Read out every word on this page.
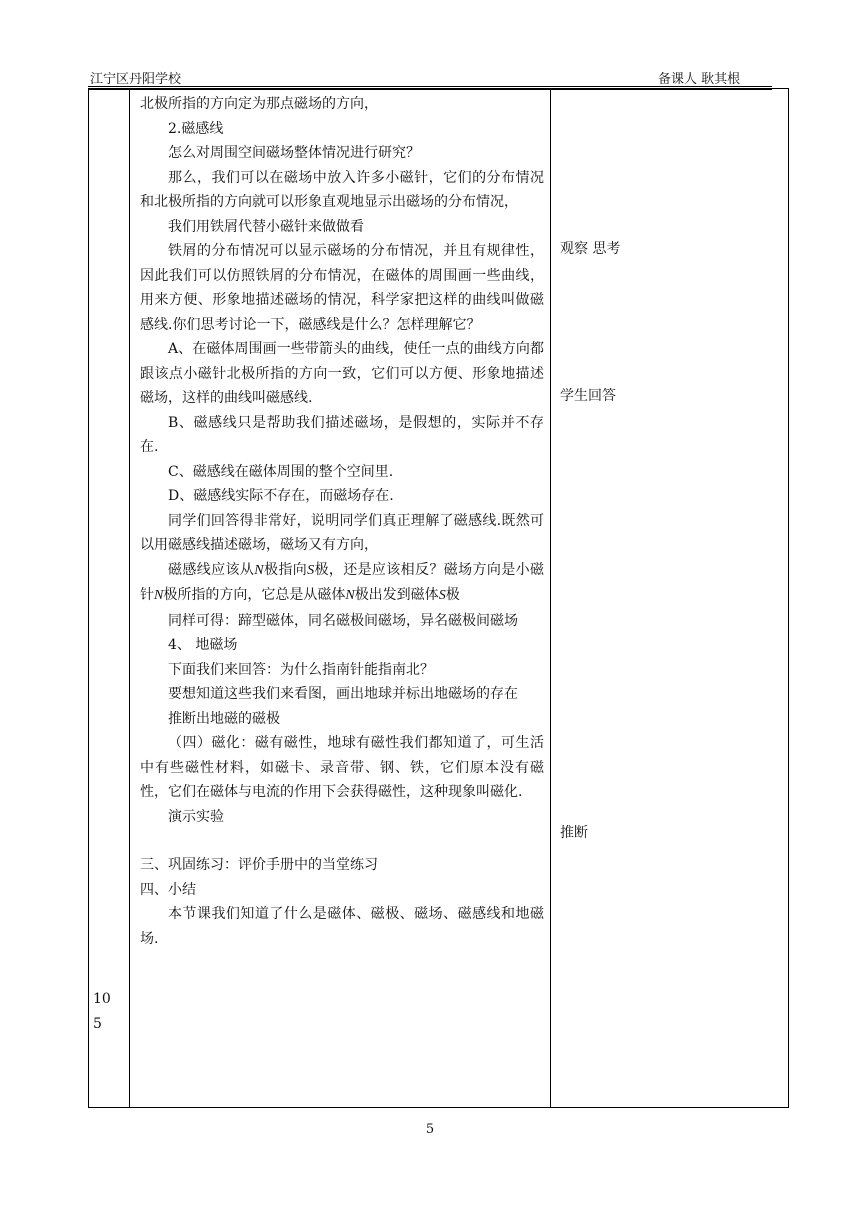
江宁区丹阳学校	备课人 耿其根
10
5

北极所指的方向定为那点磁场的方向，

2.磁感线

怎么对周围空间磁场整体情况进行研究？

那么，我们可以在磁场中放入许多小磁针，它们的分布情况和北极所指的方向就可以形象直观地显示出磁场的分布情况，

我们用铁屑代替小磁针来做做看

铁屑的分布情况可以显示磁场的分布情况，并且有规律性，因此我们可以仿照铁屑的分布情况，在磁体的周围画一些曲线，用来方便、形象地描述磁场的情况，科学家把这样的曲线叫做磁感线.你们思考讨论一下，磁感线是什么？怎样理解它？

A、在磁体周围画一些带箭头的曲线，使任一点的曲线方向都跟该点小磁针北极所指的方向一致，它们可以方便、形象地描述磁场，这样的曲线叫磁感线.

B、磁感线只是帮助我们描述磁场，是假想的，实际并不存在.

C、磁感线在磁体周围的整个空间里.

D、磁感线实际不存在，而磁场存在.

同学们回答得非常好，说明同学们真正理解了磁感线.既然可以用磁感线描述磁场，磁场又有方向，

磁感线应该从N极指向S极，还是应该相反？磁场方向是小磁针N极所指的方向，它总是从磁体N极出发到磁体S极

同样可得：蹄型磁体，同名磁极间磁场，异名磁极间磁场

4、 地磁场

下面我们来回答：为什么指南针能指南北？

要想知道这些我们来看图，画出地球并标出地磁场的存在

推断出地磁的磁极

（四）磁化：磁有磁性，地球有磁性我们都知道了，可生活中有些磁性材料，如磁卡、录音带、钢、铁，它们原本没有磁性，它们在磁体与电流的作用下会获得磁性，这种现象叫磁化.

演示实验

三、巩固练习：评价手册中的当堂练习

四、小结

本节课我们知道了什么是磁体、磁极、磁场、磁感线和地磁场.

观察 思考
学生回答
推断
5
